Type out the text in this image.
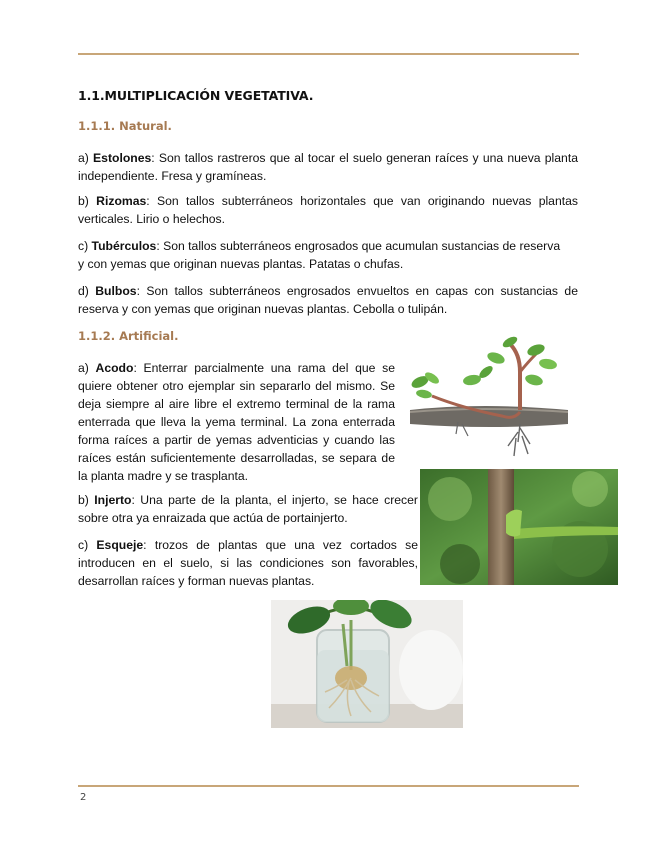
1.1.MULTIPLICACIÓN VEGETATIVA.
1.1.1. Natural.
a) Estolones: Son tallos rastreros que al tocar el suelo generan raíces y una nueva planta independiente. Fresa y gramíneas.
b) Rizomas: Son tallos subterráneos horizontales que van originando nuevas plantas verticales. Lirio o helechos.
c) Tubérculos: Son tallos subterráneos engrosados que acumulan sustancias de reserva y con yemas que originan nuevas plantas. Patatas o chufas.
d) Bulbos: Son tallos subterráneos engrosados envueltos en capas con sustancias de reserva y con yemas que originan nuevas plantas. Cebolla o tulipán.
1.1.2. Artificial.
a) Acodo: Enterrar parcialmente una rama del que se quiere obtener otro ejemplar sin separarlo del mismo. Se deja siempre al aire libre el extremo terminal de la rama enterrada que lleva la yema terminal. La zona enterrada forma raíces a partir de yemas adventicias y cuando las raíces están suficientemente desarrolladas, se separa de la planta madre y se trasplanta.
b) Injerto: Una parte de la planta, el injerto, se hace crecer sobre otra ya enraizada que actúa de portainjerto.
c) Esqueje: trozos de plantas que una vez cortados se introducen en el suelo, si las condiciones son favorables, desarrollan raíces y forman nuevas plantas.
2
